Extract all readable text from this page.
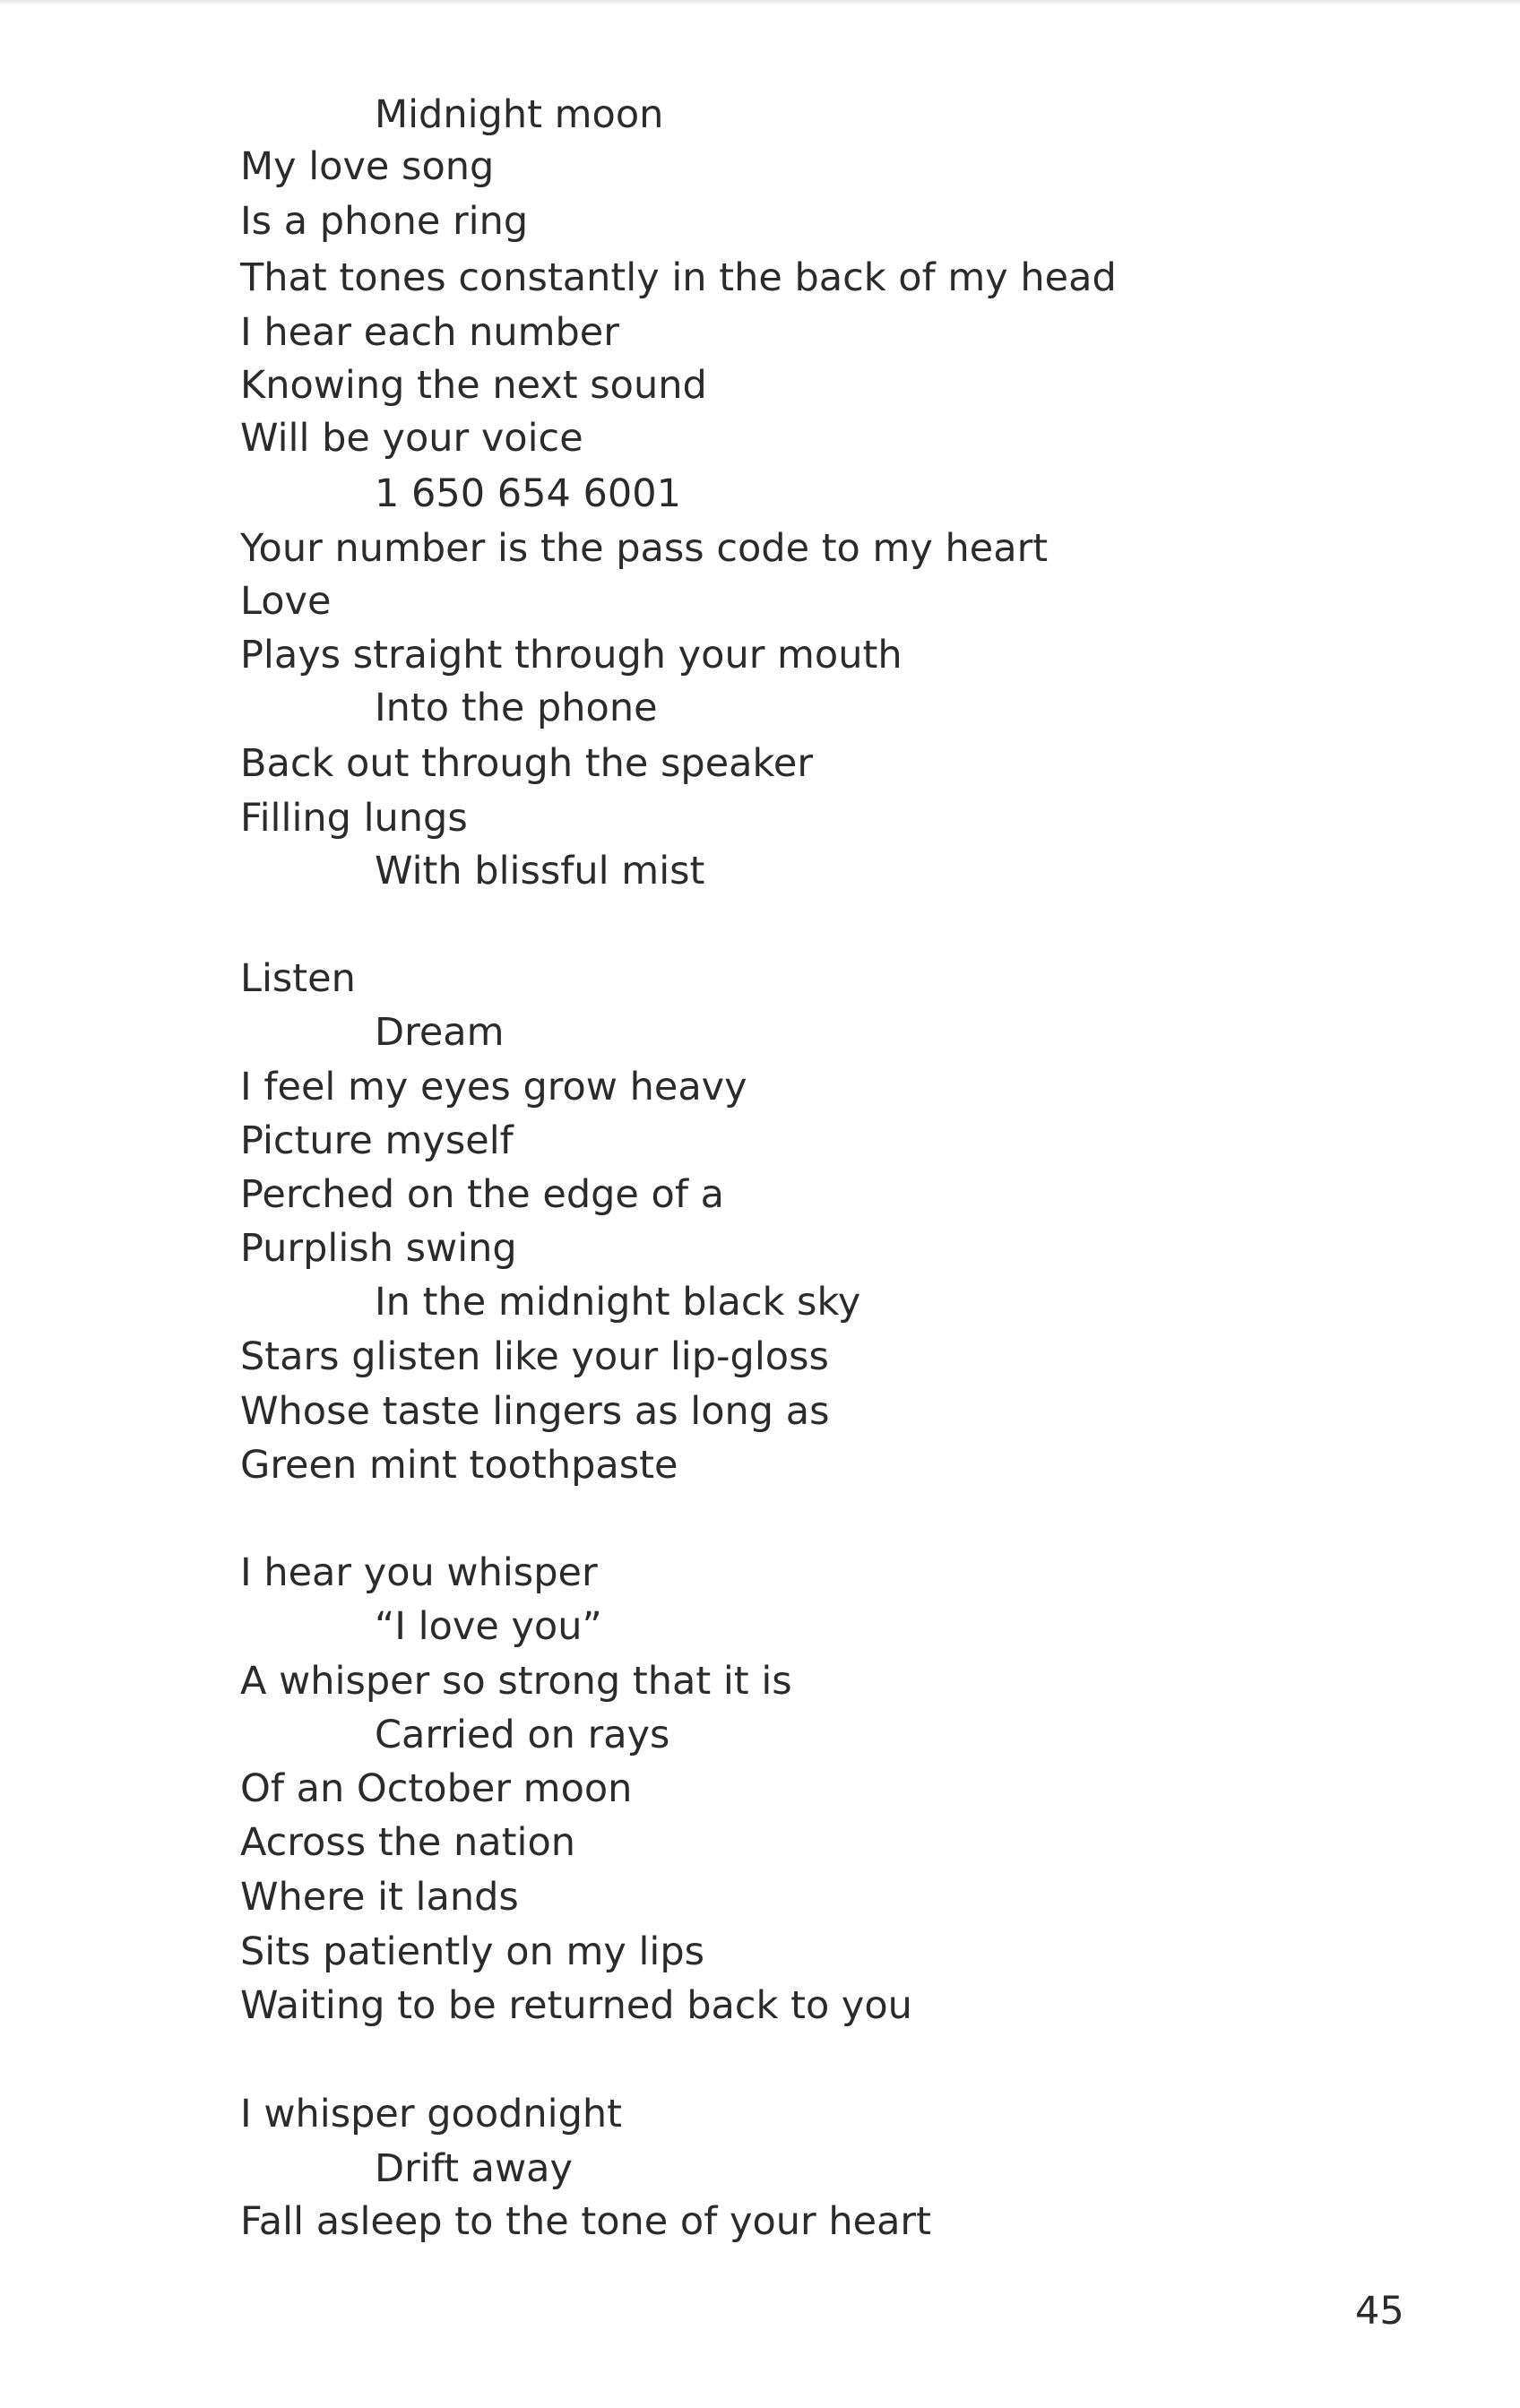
Midnight moon
My love song
Is a phone ring
That tones constantly in the back of my head
I hear each number
Knowing the next sound
Will be your voice
1 650 654 6001
Your number is the pass code to my heart
Love
Plays straight through your mouth
Into the phone
Back out through the speaker
Filling lungs
With blissful mist
Listen
Dream
I feel my eyes grow heavy
Picture myself
Perched on the edge of a
Purplish swing
In the midnight black sky
Stars glisten like your lip-gloss
Whose taste lingers as long as
Green mint toothpaste
I hear you whisper
“I love you”
A whisper so strong that it is
Carried on rays
Of an October moon
Across the nation
Where it lands
Sits patiently on my lips
Waiting to be returned back to you
I whisper goodnight
Drift away
Fall asleep to the tone of your heart
45
